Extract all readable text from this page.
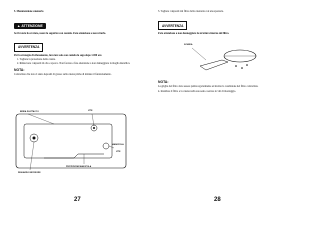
5. Manutenzione catenaria

▲ ATTENZIONE

Se il rotore ha avviato, usare la segatrice con cautela. Fate attenzione a non urtarla.

AVVERTENZA

Per la strategia di sifonamento, lavorare solo con cautela la sega dopo 1.000 ore.

1. Togliete la protezione della catena.
2. Rimuovere i depositi di olio e sporco. Non forzare e fate attenzione a non danneggiare la maglia metallica.
NOTA:

Controllare che non ci siano depositi di grasso sulla catena prima di iniziare il funzionamento.

BRIDA DI ATTACCO	VITE
MANOPOLA
VITE
PROTEZIONE MANOPOLA
RIGUARDO INFORIORE
27

3. Togliere i depositi dal filtro della catenaria con una spazzola.

AVVERTENZA

Fare attenzione a non danneggiare la struttura interna del filtro.

SCHEDA
NOTA:

La griglia del filtro deve essere pulita regolarmente ed inoltre la condizione del filtro controllata.

4. Installare il filtro e la catena nella sua sede e serrare le viti di montaggio.

28
